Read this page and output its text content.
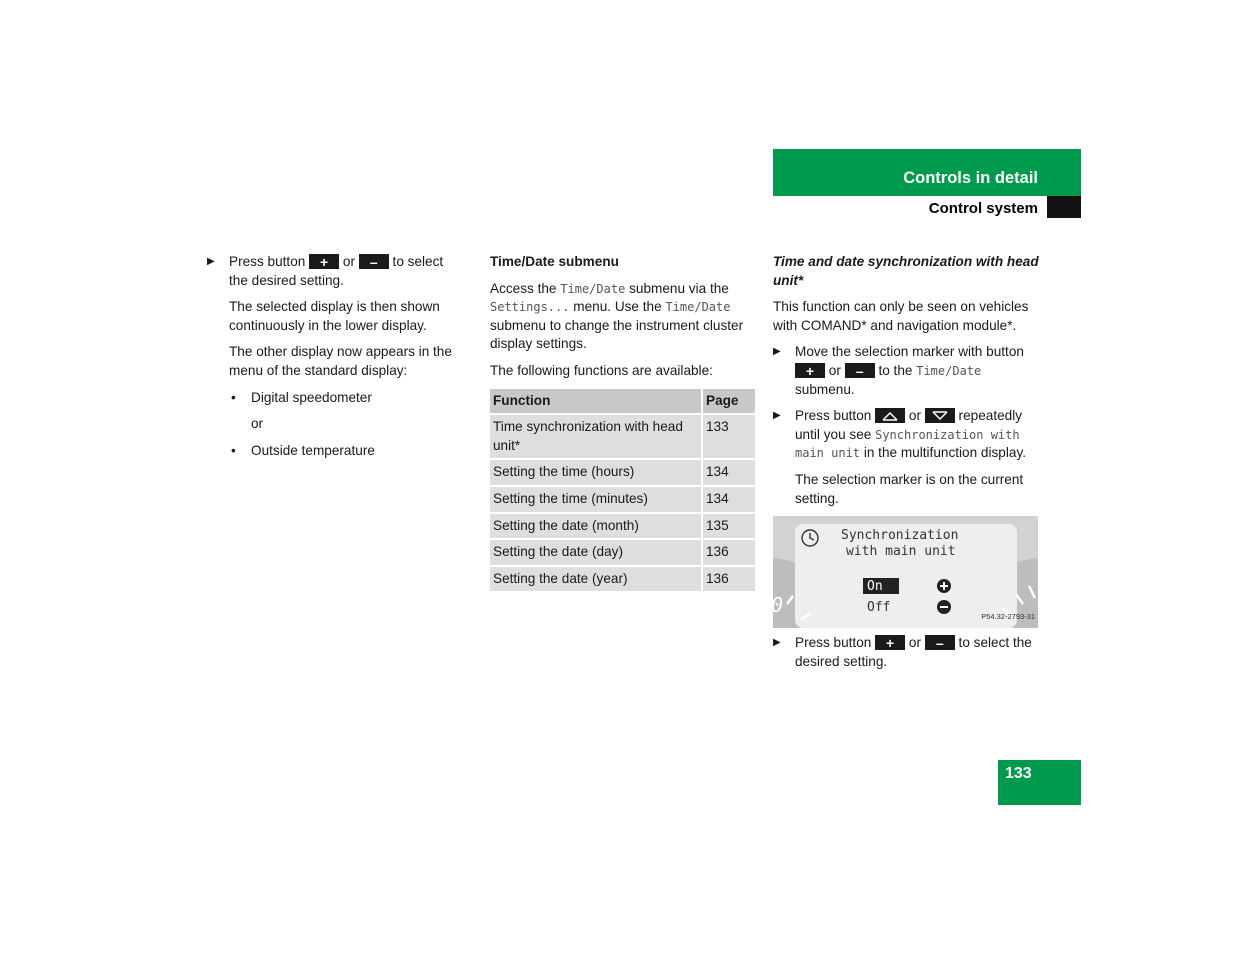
Controls in detail
Control system
▶ Press button + or – to select the desired setting.
The selected display is then shown continuously in the lower display.
The other display now appears in the menu of the standard display:
• Digital speedometer
or
• Outside temperature
Time/Date submenu
Access the Time/Date submenu via the Settings... menu. Use the Time/Date submenu to change the instrument cluster display settings.
The following functions are available:
Function	Page
Time synchronization with head unit*	133
Setting the time (hours)	134
Setting the time (minutes)	134
Setting the date (month)	135
Setting the date (day)	136
Setting the date (year)	136
Time and date synchronization with head unit*
This function can only be seen on vehicles with COMAND* and navigation module*.
▶ Move the selection marker with button + or – to the Time/Date submenu.
▶ Press button	or	repeatedly until you see Synchronization with main unit in the multifunction display.
The selection marker is on the current setting.
Synchronization
with main unit
On
Off
0	P54.32-2793-31
▶ Press button + or – to select the desired setting.
133
